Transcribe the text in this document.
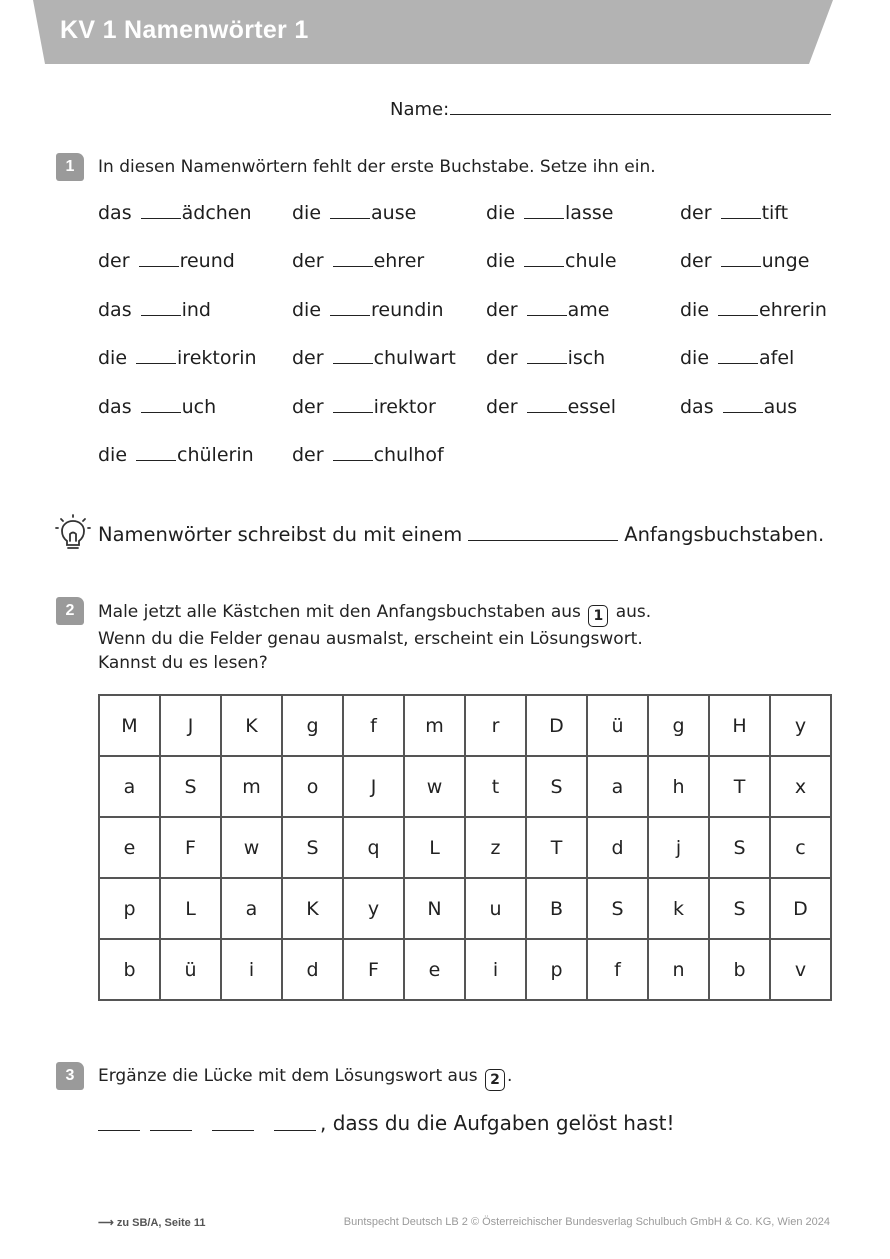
KV 1 Namenwörter 1
Name:
1	In diesen Namenwörtern fehlt der erste Buchstabe. Setze ihn ein.
das	ädchen die	ause	die	lasse	der	tift
der	reund	der	ehrer	die	chule	der	unge
das	ind	die	reundin der	ame	die	ehrerin
die	irektorin der	chulwart der	isch	die	afel
das	uch	der	irektor	der	essel	das	aus
die	chülerin der	chulhof
Namenwörter schreibst du mit einem	Anfangsbuchstaben.
2	Male jetzt alle Kästchen mit den Anfangsbuchstaben aus 1 aus.
Wenn du die Felder genau ausmalst, erscheint ein Lösungswort.
Kannst du es lesen?
M	J	K	g	f	m	r	D	ü	g	H	y
a	S	m	o	J	w	t	S	a	h	T	x
e	F	w	S	q	L	z	T	d	j	S	c
p	L	a	K	y	N	u	B	S	k	S	D
b	ü	i	d	F	e	i	p	f	n	b	v
3	Ergänze die Lücke mit dem Lösungswort aus 2 .
, dass du die Aufgaben gelöst hast!
⟶ zu SB/A, Seite 11	Buntspecht Deutsch LB 2 © Österreichischer Bundesverlag Schulbuch GmbH & Co. KG, Wien 2024
